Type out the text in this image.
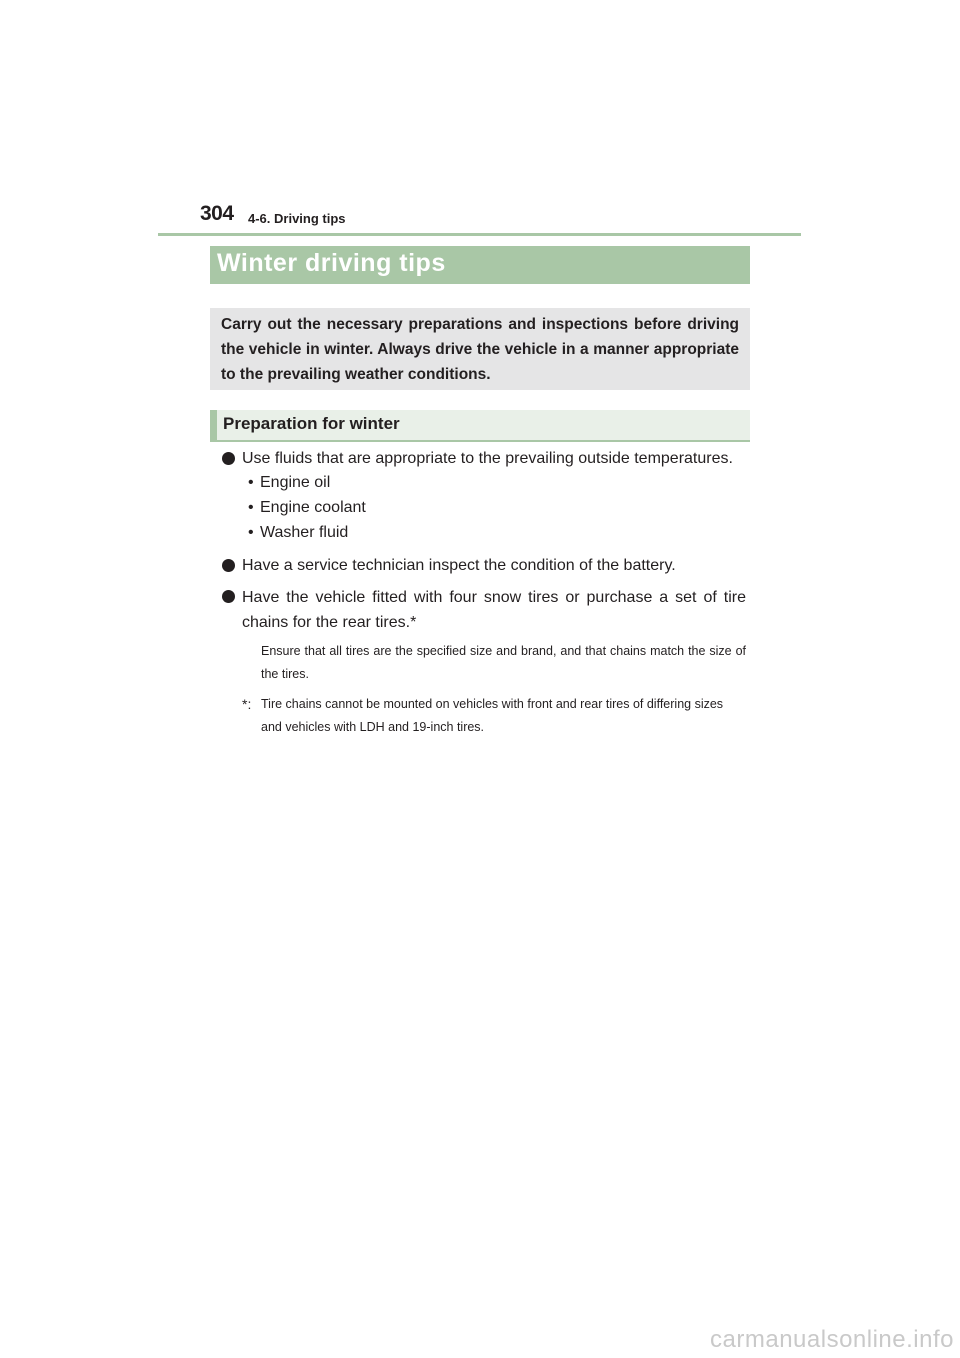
304 4-6. Driving tips
Winter driving tips

Carry out the necessary preparations and inspections before driving the vehicle in winter. Always drive the vehicle in a manner appropriate to the prevailing weather conditions.

Preparation for winter
Use fluids that are appropriate to the prevailing outside temperatures.
• Engine oil
• Engine coolant
• Washer fluid
Have a service technician inspect the condition of the battery.
Have the vehicle fitted with four snow tires or purchase a set of tire
chains for the rear tires.*
Ensure that all tires are the specified size and brand, and that chains match the size of the tires.
*: Tire chains cannot be mounted on vehicles with front and rear tires of differing sizes and vehicles with LDH and 19-inch tires.
carmanualsonline.info
